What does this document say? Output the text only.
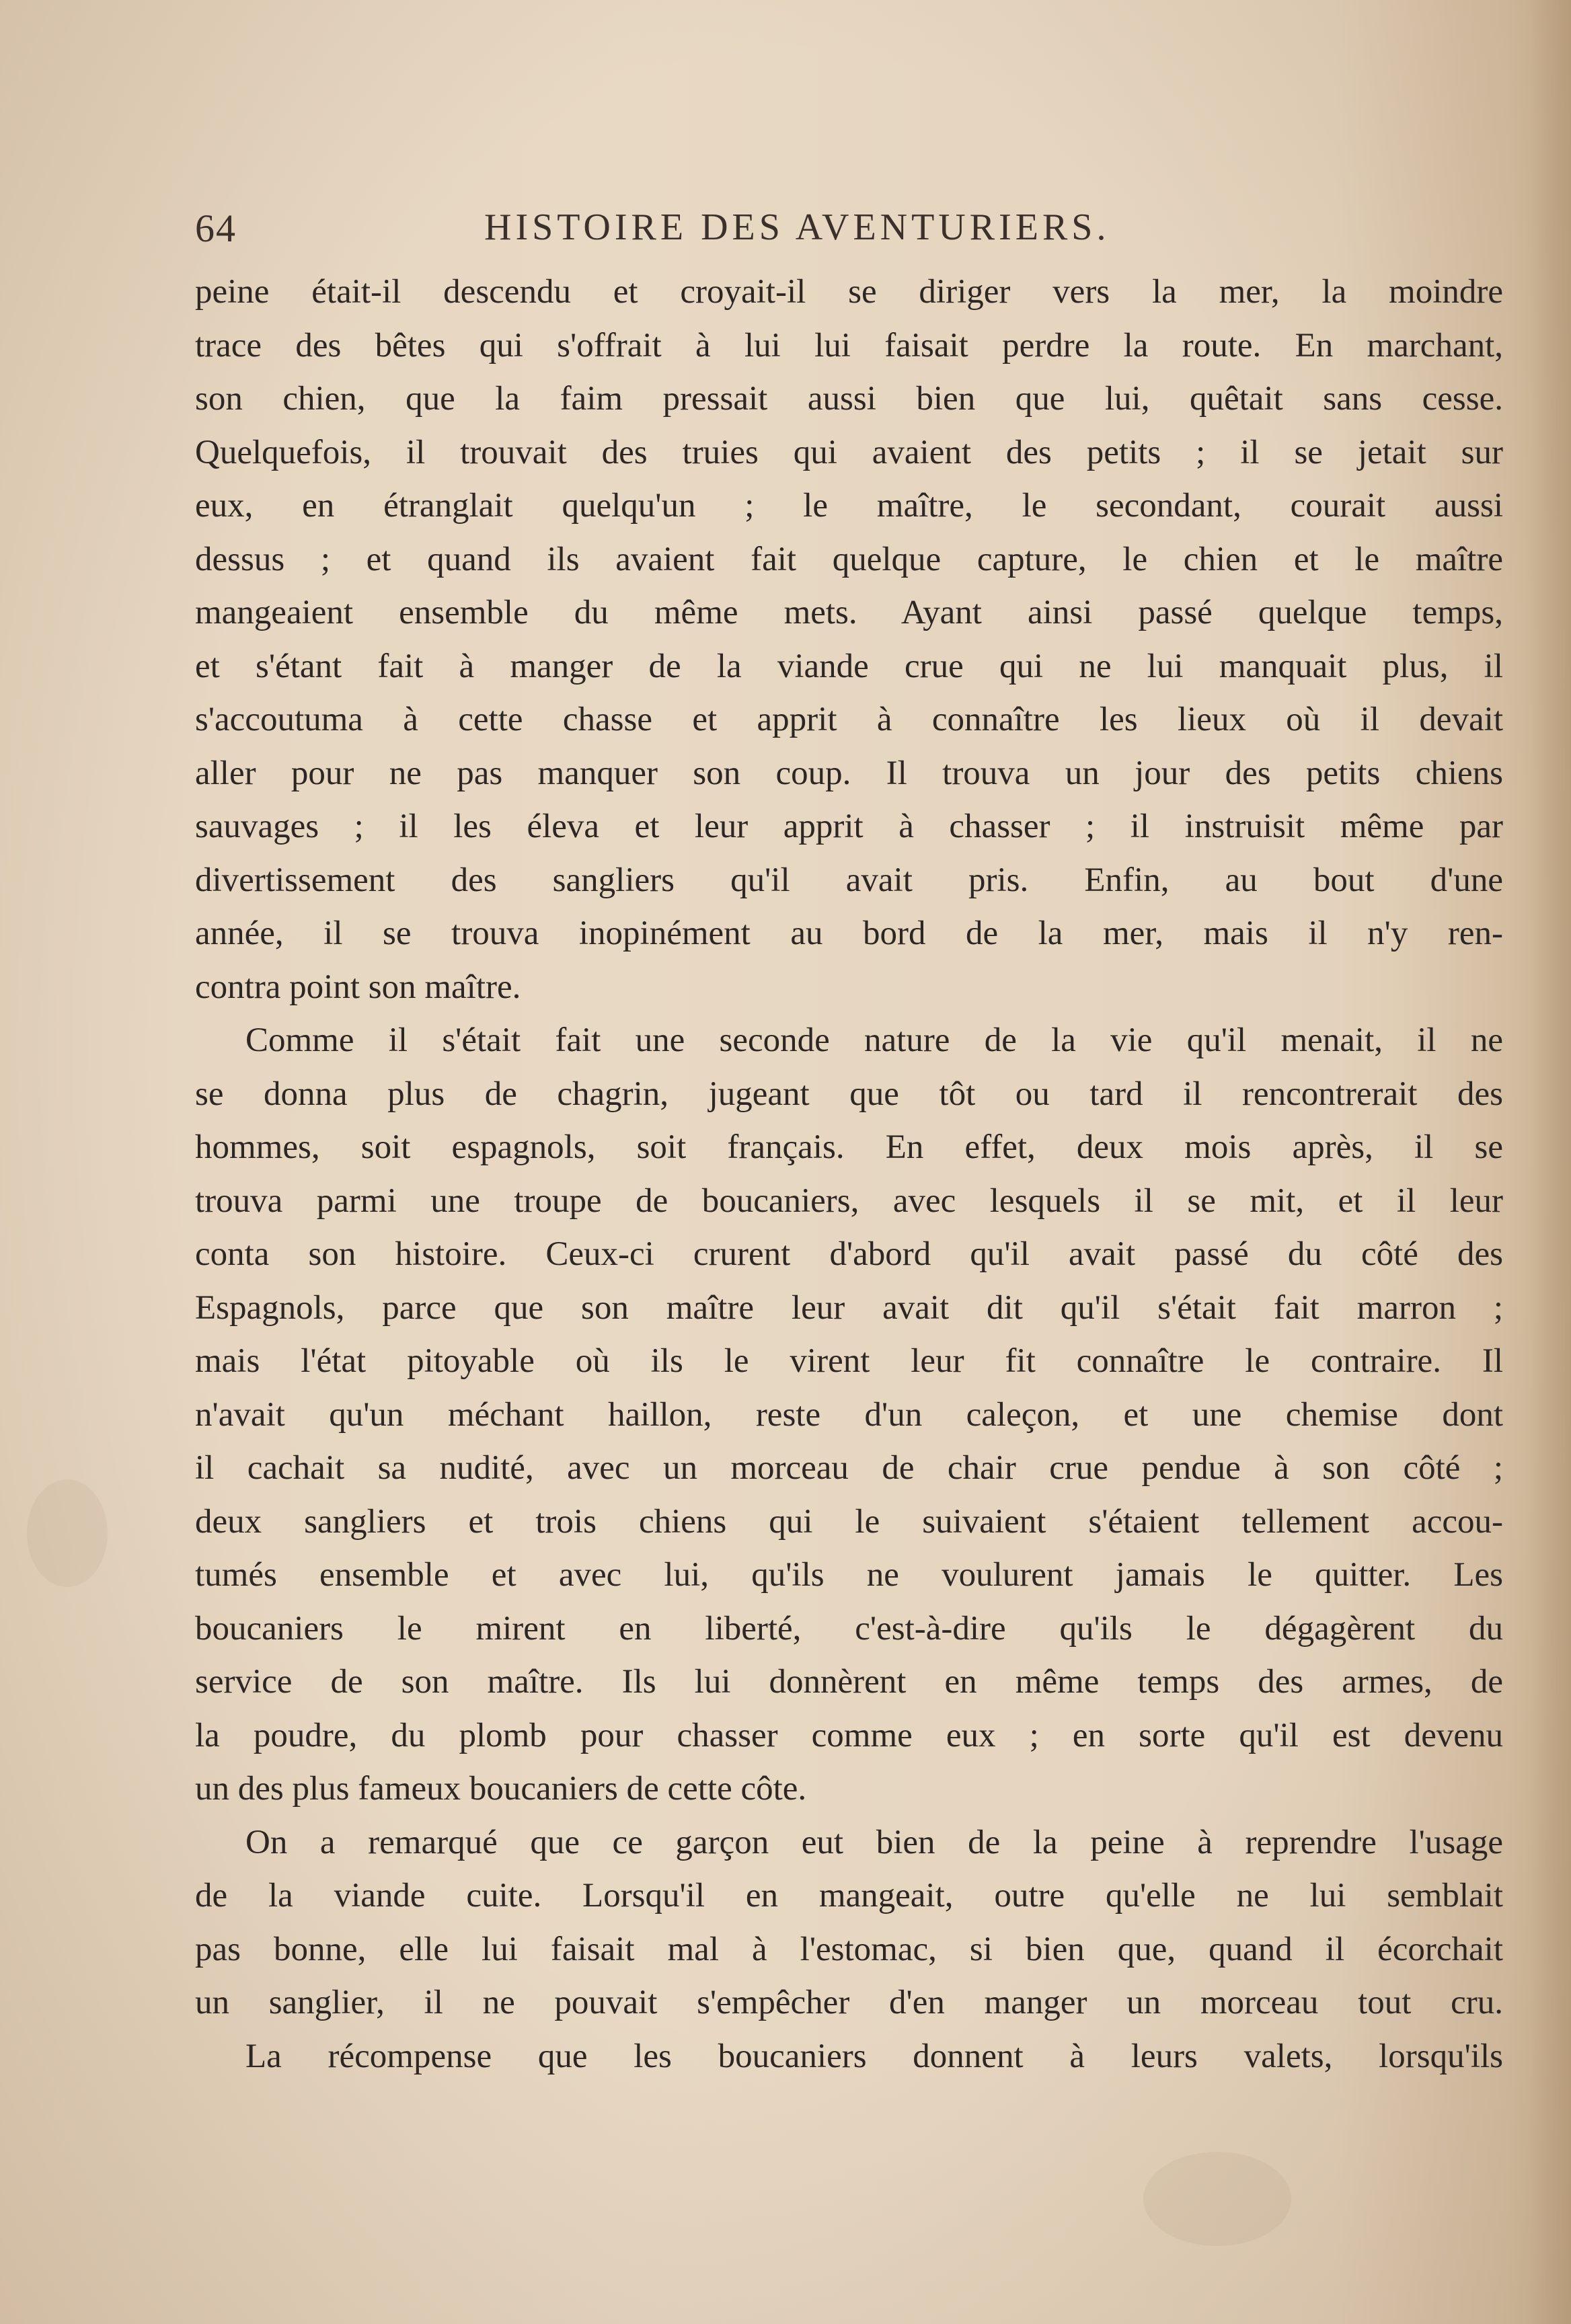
64	HISTOIRE DES AVENTURIERS.
peine était-il descendu et croyait-il se diriger vers la mer, la moindre
trace des bêtes qui s'offrait à lui lui faisait perdre la route. En marchant,
son chien, que la faim pressait aussi bien que lui, quêtait sans cesse.
Quelquefois, il trouvait des truies qui avaient des petits ; il se jetait sur
eux, en étranglait quelqu'un ; le maître, le secondant, courait aussi
dessus ; et quand ils avaient fait quelque capture, le chien et le maître
mangeaient ensemble du même mets. Ayant ainsi passé quelque temps,
et s'étant fait à manger de la viande crue qui ne lui manquait plus, il
s'accoutuma à cette chasse et apprit à connaître les lieux où il devait
aller pour ne pas manquer son coup. Il trouva un jour des petits chiens
sauvages ; il les éleva et leur apprit à chasser ; il instruisit même par
divertissement des sangliers qu'il avait pris. Enfin, au bout d'une
année, il se trouva inopinément au bord de la mer, mais il n'y ren-
contra point son maître.
Comme il s'était fait une seconde nature de la vie qu'il menait, il ne
se donna plus de chagrin, jugeant que tôt ou tard il rencontrerait des
hommes, soit espagnols, soit français. En effet, deux mois après, il se
trouva parmi une troupe de boucaniers, avec lesquels il se mit, et il leur
conta son histoire. Ceux-ci crurent d'abord qu'il avait passé du côté des
Espagnols, parce que son maître leur avait dit qu'il s'était fait marron ;
mais l'état pitoyable où ils le virent leur fit connaître le contraire. Il
n'avait qu'un méchant haillon, reste d'un caleçon, et une chemise dont
il cachait sa nudité, avec un morceau de chair crue pendue à son côté ;
deux sangliers et trois chiens qui le suivaient s'étaient tellement accou-
tumés ensemble et avec lui, qu'ils ne voulurent jamais le quitter. Les
boucaniers le mirent en liberté, c'est-à-dire qu'ils le dégagèrent du
service de son maître. Ils lui donnèrent en même temps des armes, de
la poudre, du plomb pour chasser comme eux ; en sorte qu'il est devenu
un des plus fameux boucaniers de cette côte.
On a remarqué que ce garçon eut bien de la peine à reprendre l'usage
de la viande cuite. Lorsqu'il en mangeait, outre qu'elle ne lui semblait
pas bonne, elle lui faisait mal à l'estomac, si bien que, quand il écorchait
un sanglier, il ne pouvait s'empêcher d'en manger un morceau tout cru.
La récompense que les boucaniers donnent à leurs valets, lorsqu'ils
